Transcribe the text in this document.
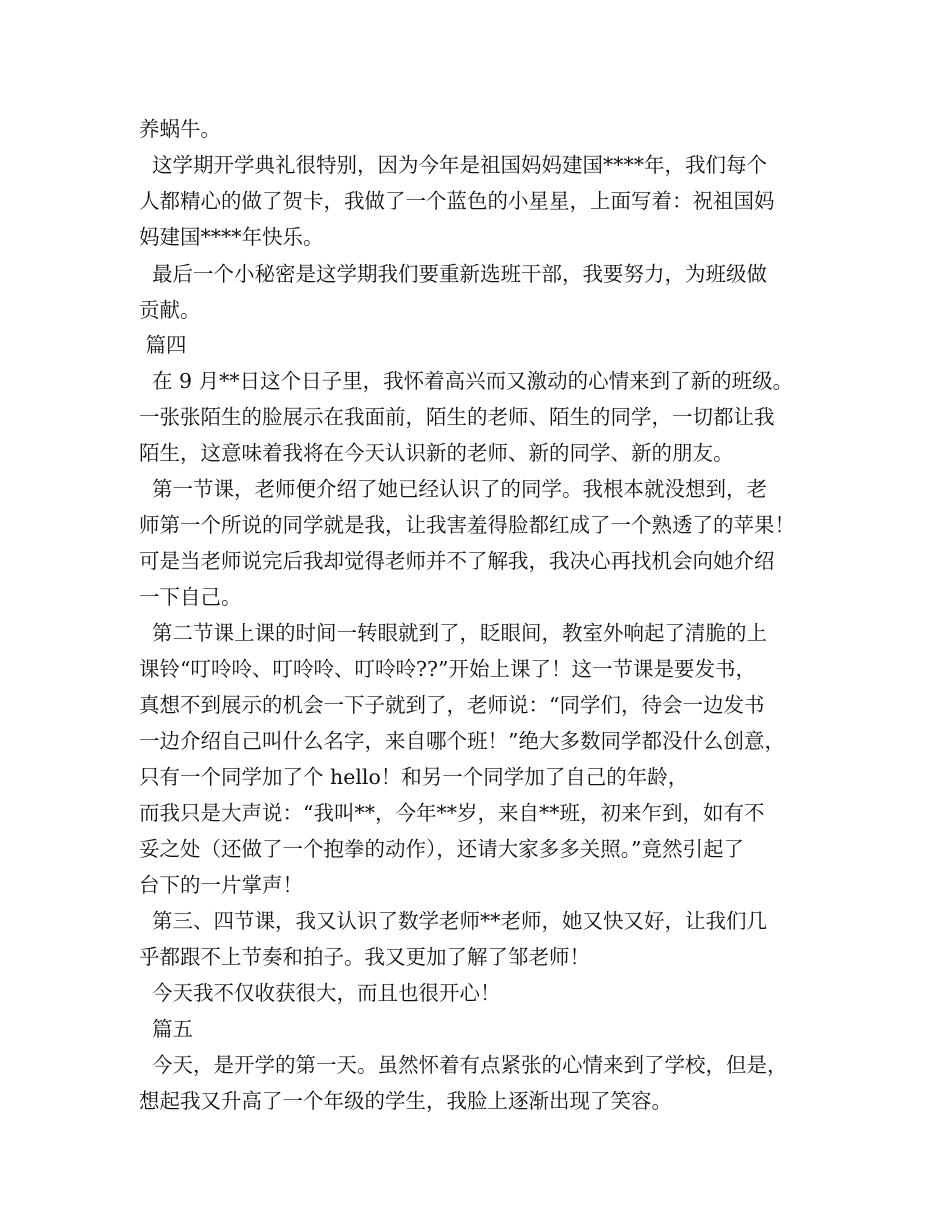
养蜗牛。
这学期开学典礼很特别，因为今年是祖国妈妈建国****年，我们每个
人都精心的做了贺卡，我做了一个蓝色的小星星，上面写着：祝祖国妈
妈建国****年快乐。
最后一个小秘密是这学期我们要重新选班干部，我要努力，为班级做
贡献。
篇四
在 9 月**日这个日子里，我怀着高兴而又激动的心情来到了新的班级。
一张张陌生的脸展示在我面前，陌生的老师、陌生的同学，一切都让我
陌生，这意味着我将在今天认识新的老师、新的同学、新的朋友。
第一节课，老师便介绍了她已经认识了的同学。我根本就没想到，老
师第一个所说的同学就是我，让我害羞得脸都红成了一个熟透了的苹果！
可是当老师说完后我却觉得老师并不了解我，我决心再找机会向她介绍
一下自己。
第二节课上课的时间一转眼就到了，眨眼间，教室外响起了清脆的上
课铃“叮呤呤、叮呤呤、叮呤呤??”开始上课了！这一节课是要发书，
真想不到展示的机会一下子就到了，老师说：“同学们，待会一边发书
一边介绍自己叫什么名字，来自哪个班！”绝大多数同学都没什么创意，
只有一个同学加了个 hello！和另一个同学加了自己的年龄，
而我只是大声说：“我叫**，今年**岁，来自**班，初来乍到，如有不
妥之处（还做了一个抱拳的动作），还请大家多多关照。”竟然引起了
台下的一片掌声！
第三、四节课，我又认识了数学老师**老师，她又快又好，让我们几
乎都跟不上节奏和拍子。我又更加了解了邹老师！
今天我不仅收获很大，而且也很开心！
篇五
今天，是开学的第一天。虽然怀着有点紧张的心情来到了学校，但是，
想起我又升高了一个年级的学生，我脸上逐渐出现了笑容。
